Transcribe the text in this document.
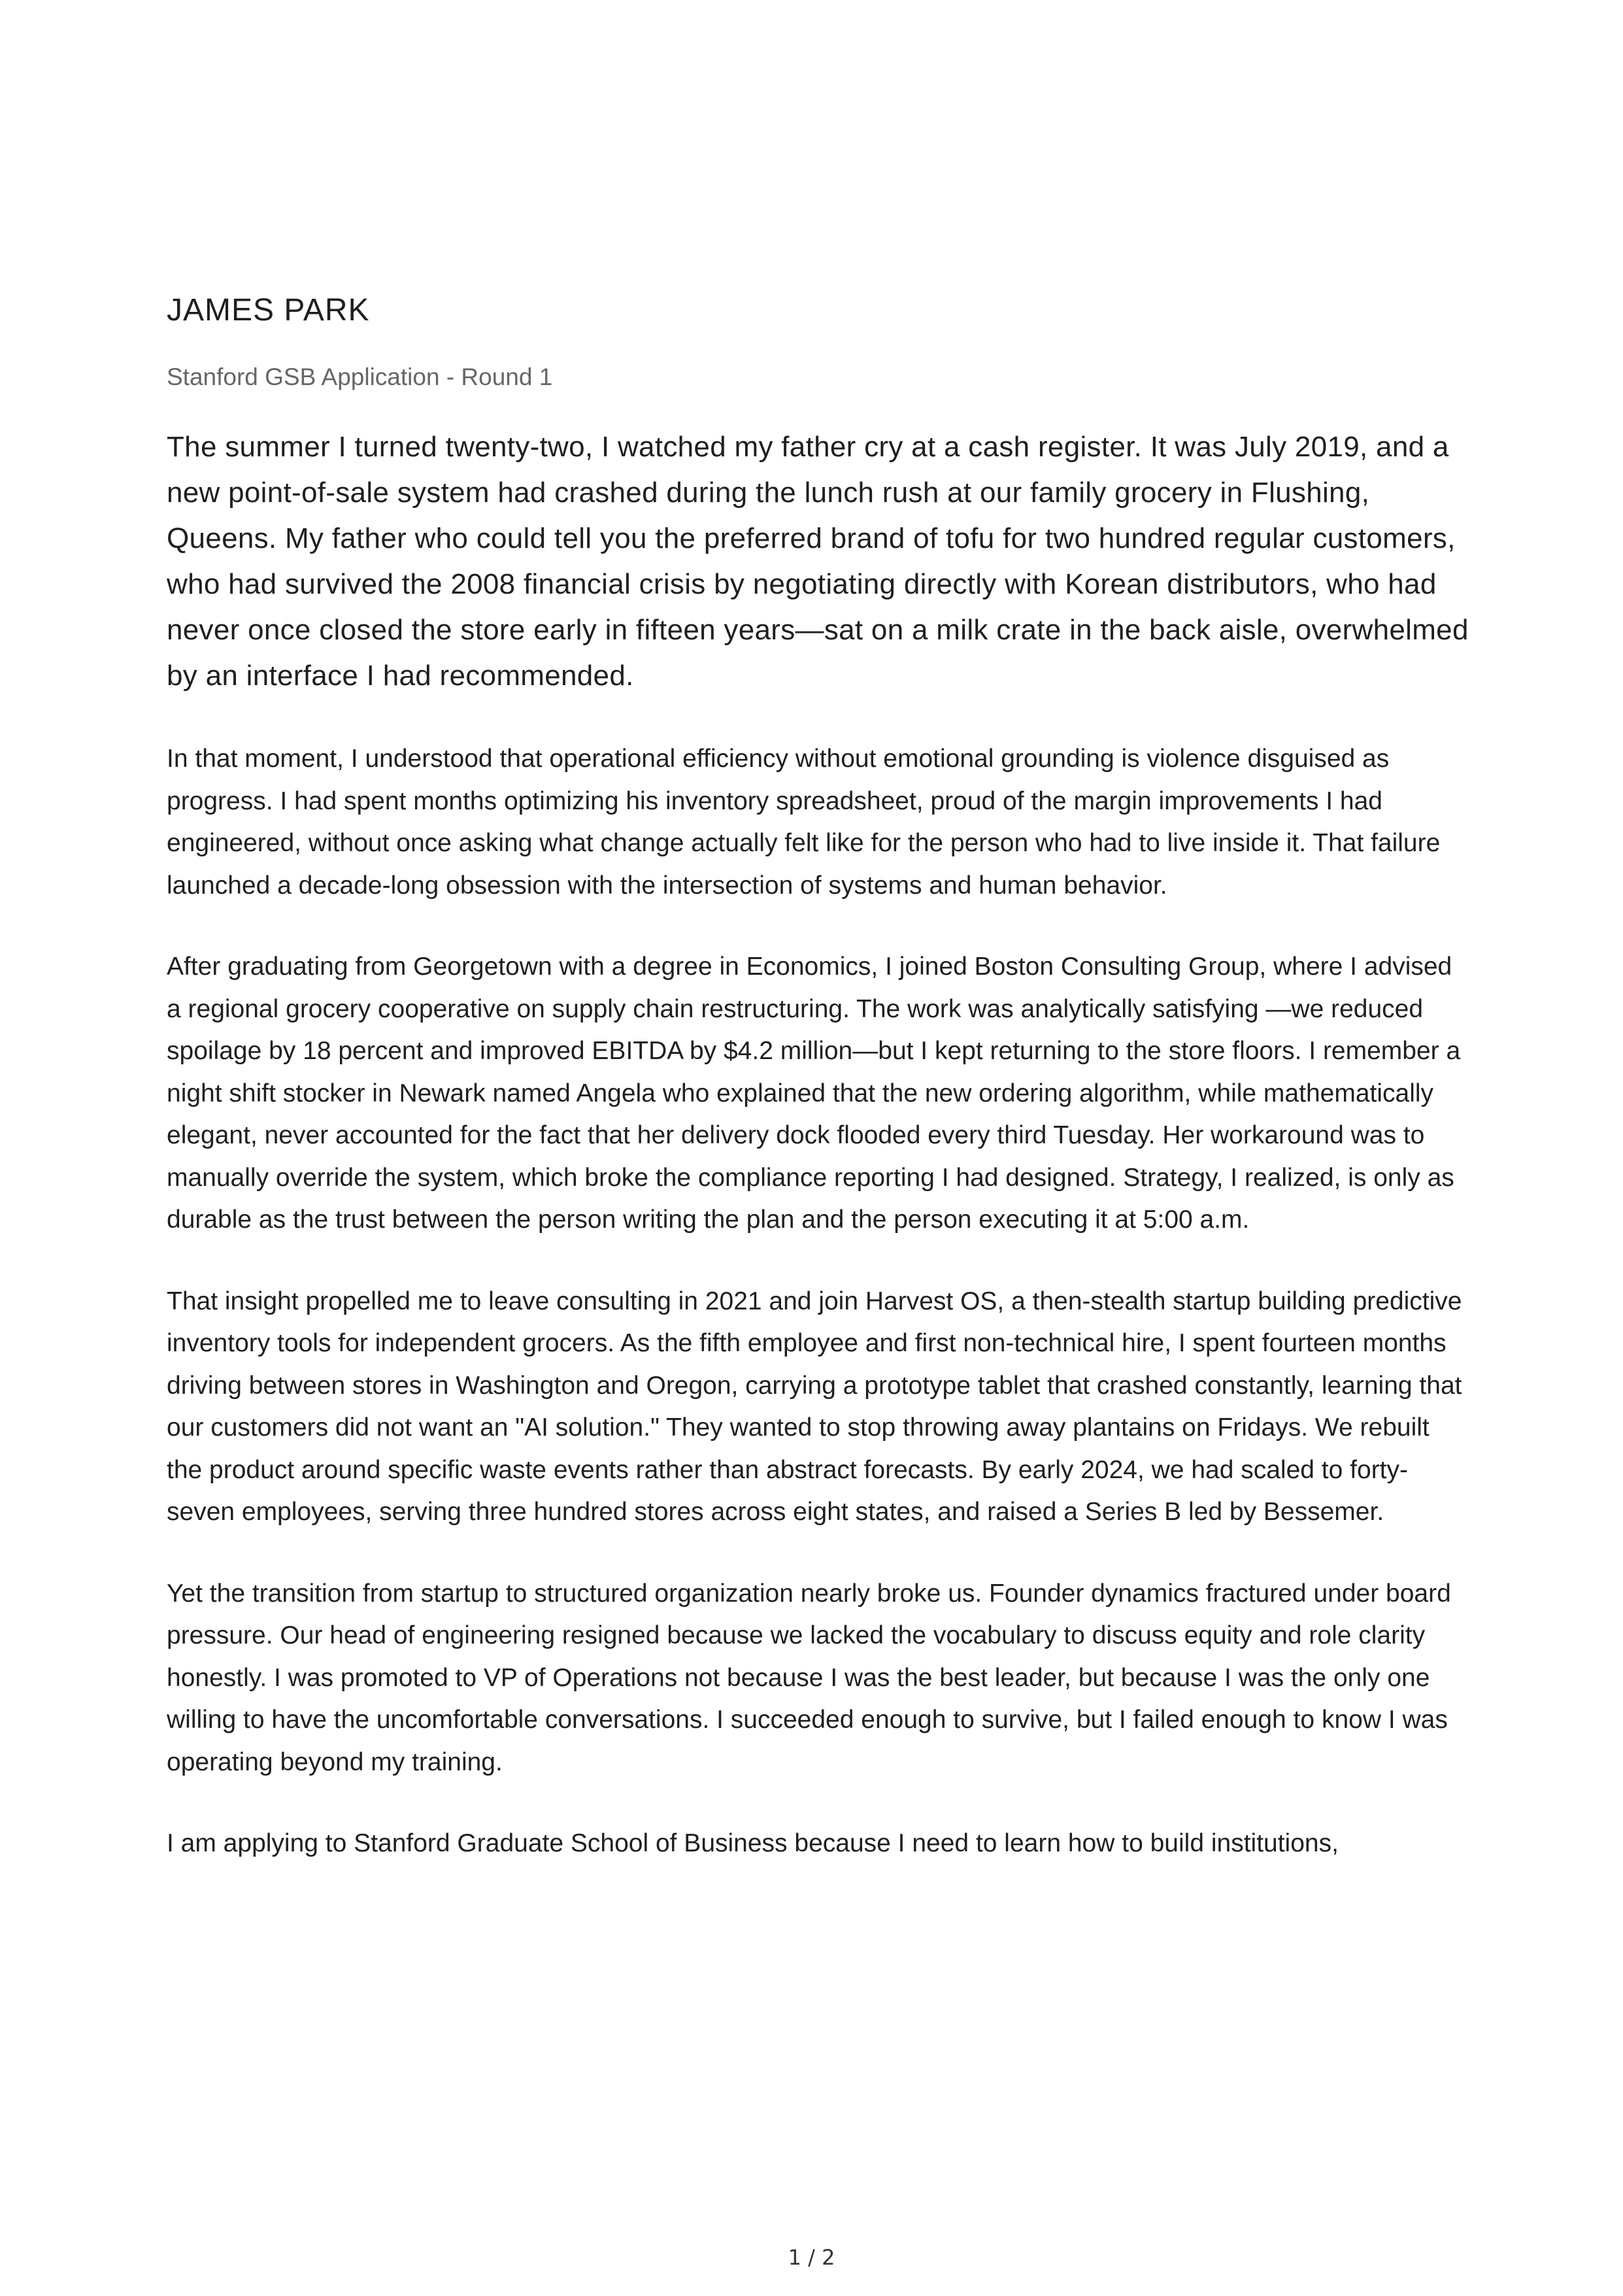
JAMES PARK

Stanford GSB Application - Round 1

The summer I turned twenty-two, I watched my father cry at a cash register. It was July 2019, and a new point-of-sale system had crashed during the lunch rush at our family grocery in Flushing, Queens. My father who could tell you the preferred brand of tofu for two hundred regular customers, who had survived the 2008 financial crisis by negotiating directly with Korean distributors, who had never once closed the store early in fifteen years—sat on a milk crate in the back aisle, overwhelmed by an interface I had recommended.

In that moment, I understood that operational efficiency without emotional grounding is violence disguised as progress. I had spent months optimizing his inventory spreadsheet, proud of the margin improvements I had engineered, without once asking what change actually felt like for the person who had to live inside it. That failure launched a decade-long obsession with the intersection of systems and human behavior.

After graduating from Georgetown with a degree in Economics, I joined Boston Consulting Group, where I advised a regional grocery cooperative on supply chain restructuring. The work was analytically satisfying —we reduced spoilage by 18 percent and improved EBITDA by $4.2 million—but I kept returning to the store floors. I remember a night shift stocker in Newark named Angela who explained that the new ordering algorithm, while mathematically elegant, never accounted for the fact that her delivery dock flooded every third Tuesday. Her workaround was to manually override the system, which broke the compliance reporting I had designed. Strategy, I realized, is only as durable as the trust between the person writing the plan and the person executing it at 5:00 a.m.

That insight propelled me to leave consulting in 2021 and join Harvest OS, a then-stealth startup building predictive inventory tools for independent grocers. As the fifth employee and first non-technical hire, I spent fourteen months driving between stores in Washington and Oregon, carrying a prototype tablet that crashed constantly, learning that our customers did not want an "AI solution." They wanted to stop throwing away plantains on Fridays. We rebuilt the product around specific waste events rather than abstract forecasts. By early 2024, we had scaled to forty-seven employees, serving three hundred stores across eight states, and raised a Series B led by Bessemer.

Yet the transition from startup to structured organization nearly broke us. Founder dynamics fractured under board pressure. Our head of engineering resigned because we lacked the vocabulary to discuss equity and role clarity honestly. I was promoted to VP of Operations not because I was the best leader, but because I was the only one willing to have the uncomfortable conversations. I succeeded enough to survive, but I failed enough to know I was operating beyond my training.

I am applying to Stanford Graduate School of Business because I need to learn how to build institutions,

1 / 2
